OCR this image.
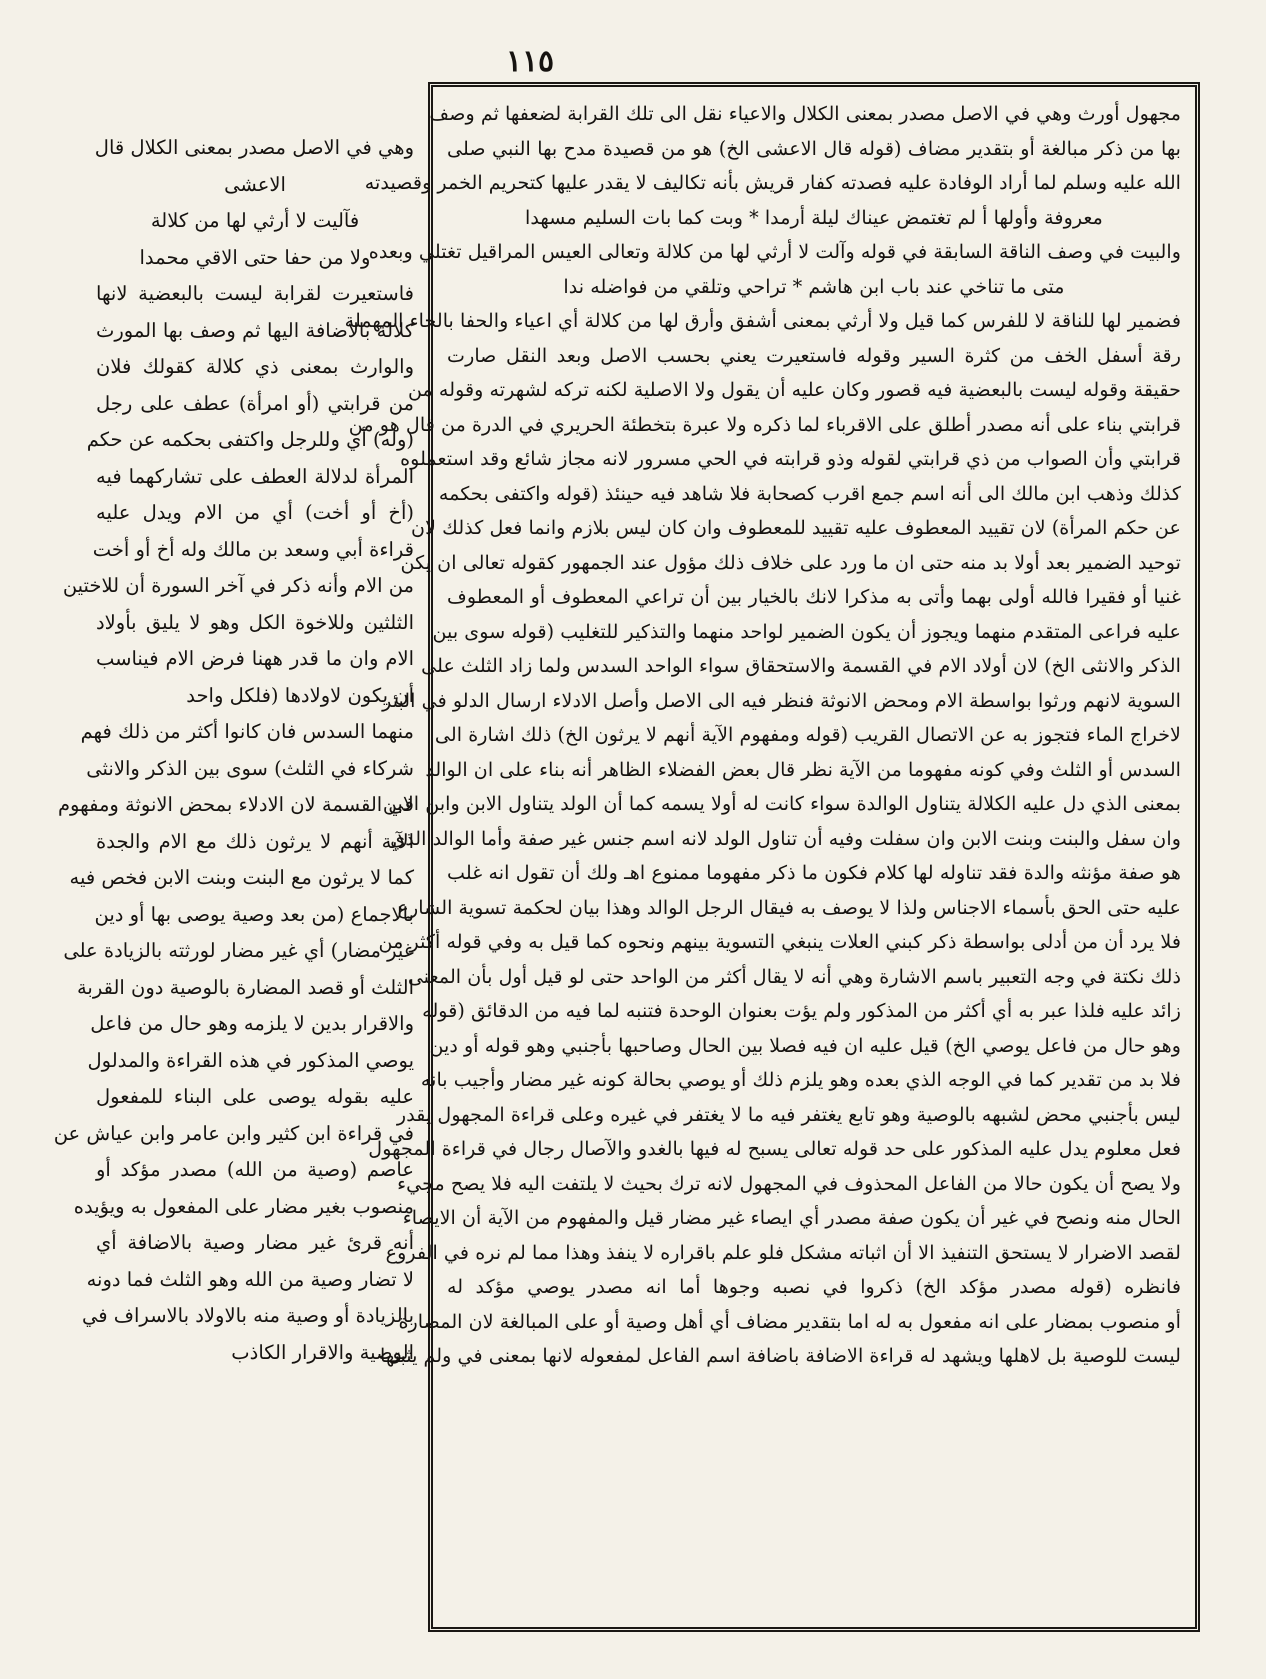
١١٥
مجهول أورث وهي في الاصل مصدر بمعنى الكلال والاعياء نقل الى تلك القرابة لضعفها ثم وصف
بها من ذكر مبالغة أو بتقدير مضاف (قوله قال الاعشى الخ) هو من قصيدة مدح بها النبي صلى
الله عليه وسلم لما أراد الوفادة عليه فصدته كفار قريش بأنه تكاليف لا يقدر عليها كتحريم الخمر وقصيدته
معروفة وأولها أ لم تغتمض عيناك ليلة أرمدا * وبت كما بات السليم مسهدا
والبيت في وصف الناقة السابقة في قوله وآلت لا أرثي لها من كلالة وتعالى العيس المراقيل تغتلي وبعده
متى ما تناخي عند باب ابن هاشم * تراحي وتلقي من فواضله ندا
فضمير لها للناقة لا للفرس كما قيل ولا أرثي بمعنى أشفق وأرق لها من كلالة أي اعياء والحفا بالحاء المهملة
رقة أسفل الخف من كثرة السير وقوله فاستعيرت يعني بحسب الاصل وبعد النقل صارت
حقيقة وقوله ليست بالبعضية فيه قصور وكان عليه أن يقول ولا الاصلية لكنه تركه لشهرته وقوله من
قرابتي بناء على أنه مصدر أطلق على الاقرباء لما ذكره ولا عبرة بتخطئة الحريري في الدرة من قال هو من
قرابتي وأن الصواب من ذي قرابتي لقوله وذو قرابته في الحي مسرور لانه مجاز شائع وقد استعملوه
كذلك وذهب ابن مالك الى أنه اسم جمع اقرب كصحابة فلا شاهد فيه حينئذ (قوله واكتفى بحكمه
عن حكم المرأة) لان تقييد المعطوف عليه تقييد للمعطوف وان كان ليس بلازم وانما فعل كذلك لان
توحيد الضمير بعد أولا بد منه حتى ان ما ورد على خلاف ذلك مؤول عند الجمهور كقوله تعالى ان يكن
غنيا أو فقيرا فالله أولى بهما وأتى به مذكرا لانك بالخيار بين أن تراعي المعطوف أو المعطوف
عليه فراعى المتقدم منهما ويجوز أن يكون الضمير لواحد منهما والتذكير للتغليب (قوله سوى بين
الذكر والانثى الخ) لان أولاد الام في القسمة والاستحقاق سواء الواحد السدس ولما زاد الثلث على
السوية لانهم ورثوا بواسطة الام ومحض الانوثة فنظر فيه الى الاصل وأصل الادلاء ارسال الدلو في البئر
لاخراج الماء فتجوز به عن الاتصال القريب (قوله ومفهوم الآية أنهم لا يرثون الخ) ذلك اشارة الى
السدس أو الثلث وفي كونه مفهوما من الآية نظر قال بعض الفضلاء الظاهر أنه بناء على ان الوالد
بمعنى الذي دل عليه الكلالة يتناول الوالدة سواء كانت له أولا يسمه كما أن الولد يتناول الابن وابن الابن
وان سفل والبنت وبنت الابن وان سفلت وفيه أن تناول الولد لانه اسم جنس غير صفة وأما الوالد الذي
هو صفة مؤنثه والدة فقد تناوله لها كلام فكون ما ذكر مفهوما ممنوع اهـ ولك أن تقول انه غلب
عليه حتى الحق بأسماء الاجناس ولذا لا يوصف به فيقال الرجل الوالد وهذا بيان لحكمة تسوية الشارع
فلا يرد أن من أدلى بواسطة ذكر كبني العلات ينبغي التسوية بينهم ونحوه كما قيل به وفي قوله أكثر من
ذلك نكتة في وجه التعبير باسم الاشارة وهي أنه لا يقال أكثر من الواحد حتى لو قيل أول بأن المعنى
زائد عليه فلذا عبر به أي أكثر من المذكور ولم يؤت بعنوان الوحدة فتنبه لما فيه من الدقائق (قوله
وهو حال من فاعل يوصي الخ) قيل عليه ان فيه فصلا بين الحال وصاحبها بأجنبي وهو قوله أو دين
فلا بد من تقدير كما في الوجه الذي بعده وهو يلزم ذلك أو يوصي بحالة كونه غير مضار وأجيب بانه
ليس بأجنبي محض لشبهه بالوصية وهو تابع يغتفر فيه ما لا يغتفر في غيره وعلى قراءة المجهول يقدر
فعل معلوم يدل عليه المذكور على حد قوله تعالى يسبح له فيها بالغدو والآصال رجال في قراءة المجهول
ولا يصح أن يكون حالا من الفاعل المحذوف في المجهول لانه ترك بحيث لا يلتفت اليه فلا يصح مجيء
الحال منه ونصح في غير أن يكون صفة مصدر أي ايصاء غير مضار قيل والمفهوم من الآية أن الايصاء
لقصد الاضرار لا يستحق التنفيذ الا أن اثباته مشكل فلو علم باقراره لا ينفذ وهذا مما لم نره في الفروع
فانظره (قوله مصدر مؤكد الخ) ذكروا في نصبه وجوها أما انه مصدر يوصي مؤكد له
أو منصوب بمضار على انه مفعول به له اما بتقدير مضاف أي أهل وصية أو على المبالغة لان المضارة
ليست للوصية بل لاهلها ويشهد له قراءة الاضافة باضافة اسم الفاعل لمفعوله لانها بمعنى في ولم يثبتها
وهي في الاصل مصدر بمعنى الكلال قال
الاعشى
فآليت لا أرثي لها من كلالة
ولا من حفا حتى الاقي محمدا
فاستعيرت لقرابة ليست بالبعضية لانها
كلالة بالاضافة اليها ثم وصف بها المورث
والوارث بمعنى ذي كلالة كقولك فلان
من قرابتي (أو امرأة) عطف على رجل
(وله) أي وللرجل واكتفى بحكمه عن حكم
المرأة لدلالة العطف على تشاركهما فيه
(أخ أو أخت) أي من الام ويدل عليه
قراءة أبي وسعد بن مالك وله أخ أو أخت
من الام وأنه ذكر في آخر السورة أن للاختين
الثلثين وللاخوة الكل وهو لا يليق بأولاد
الام وان ما قدر ههنا فرض الام فيناسب
أن يكون لاولادها (فلكل واحد
منهما السدس فان كانوا أكثر من ذلك فهم
شركاء في الثلث) سوى بين الذكر والانثى
في القسمة لان الادلاء بمحض الانوثة ومفهوم
الآية أنهم لا يرثون ذلك مع الام والجدة
كما لا يرثون مع البنت وبنت الابن فخص فيه
بالاجماع (من بعد وصية يوصى بها أو دين
غير مضار) أي غير مضار لورثته بالزيادة على
الثلث أو قصد المضارة بالوصية دون القربة
والاقرار بدين لا يلزمه وهو حال من فاعل
يوصي المذكور في هذه القراءة والمدلول
عليه بقوله يوصى على البناء للمفعول
في قراءة ابن كثير وابن عامر وابن عياش عن
عاصم (وصية من الله) مصدر مؤكد أو
منصوب بغير مضار على المفعول به ويؤيده
أنه قرئ غير مضار وصية بالاضافة أي
لا تضار وصية من الله وهو الثلث فما دونه
بالزيادة أو وصية منه بالاولاد بالاسراف في
الوصية والاقرار الكاذب
